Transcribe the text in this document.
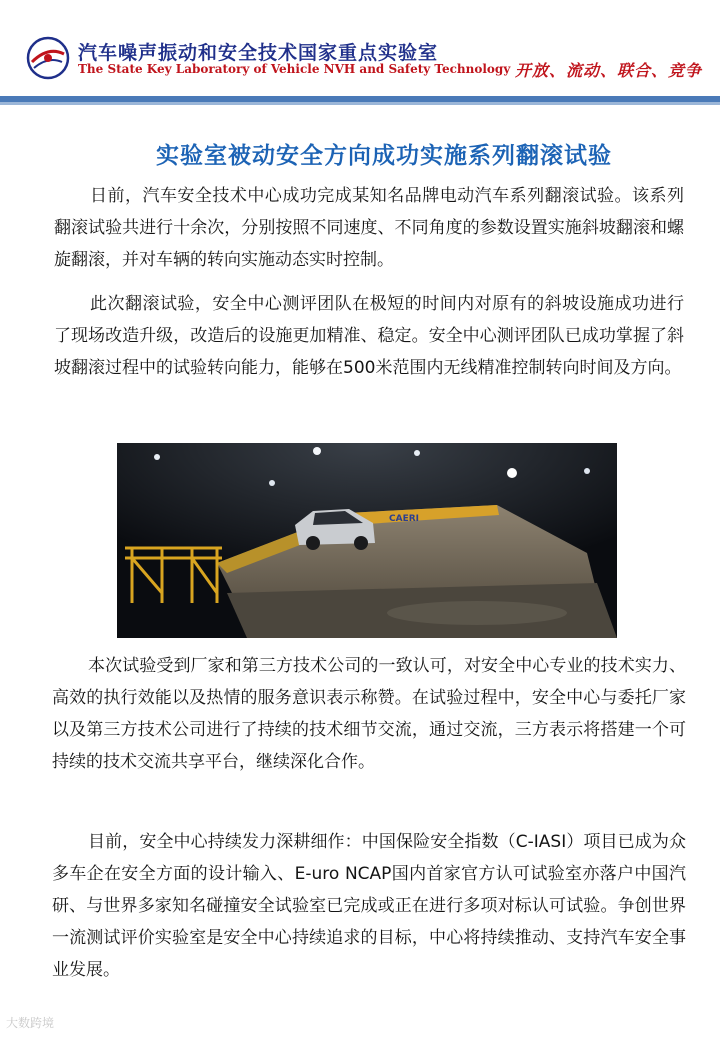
汽车噪声振动和安全技术国家重点实验室
The State Key Laboratory of Vehicle NVH and Safety Technology 开放、流动、联合、竞争
实验室被动安全方向成功实施系列翻滚试验

日前，汽车安全技术中心成功完成某知名品牌电动汽车系列翻滚试验。该系列翻滚试验共进行十余次，分别按照不同速度、不同角度的参数设置实施斜坡翻滚和螺旋翻滚，并对车辆的转向实施动态实时控制。

此次翻滚试验，安全中心测评团队在极短的时间内对原有的斜坡设施成功进行了现场改造升级，改造后的设施更加精准、稳定。安全中心测评团队已成功掌握了斜坡翻滚过程中的试验转向能力，能够在500米范围内无线精准控制转向时间及方向。

CAERI

本次试验受到厂家和第三方技术公司的一致认可，对安全中心专业的技术实力、高效的执行效能以及热情的服务意识表示称赞。在试验过程中，安全中心与委托厂家以及第三方技术公司进行了持续的技术细节交流，通过交流，三方表示将搭建一个可持续的技术交流共享平台，继续深化合作。

目前，安全中心持续发力深耕细作：中国保险安全指数（C-IASI）项目已成为众多车企在安全方面的设计输入、E-uro NCAP国内首家官方认可试验室亦落户中国汽研、与世界多家知名碰撞安全试验室已完成或正在进行多项对标认可试验。争创世界一流测试评价实验室是安全中心持续追求的目标，中心将持续推动、支持汽车安全事业发展。

大数跨境
